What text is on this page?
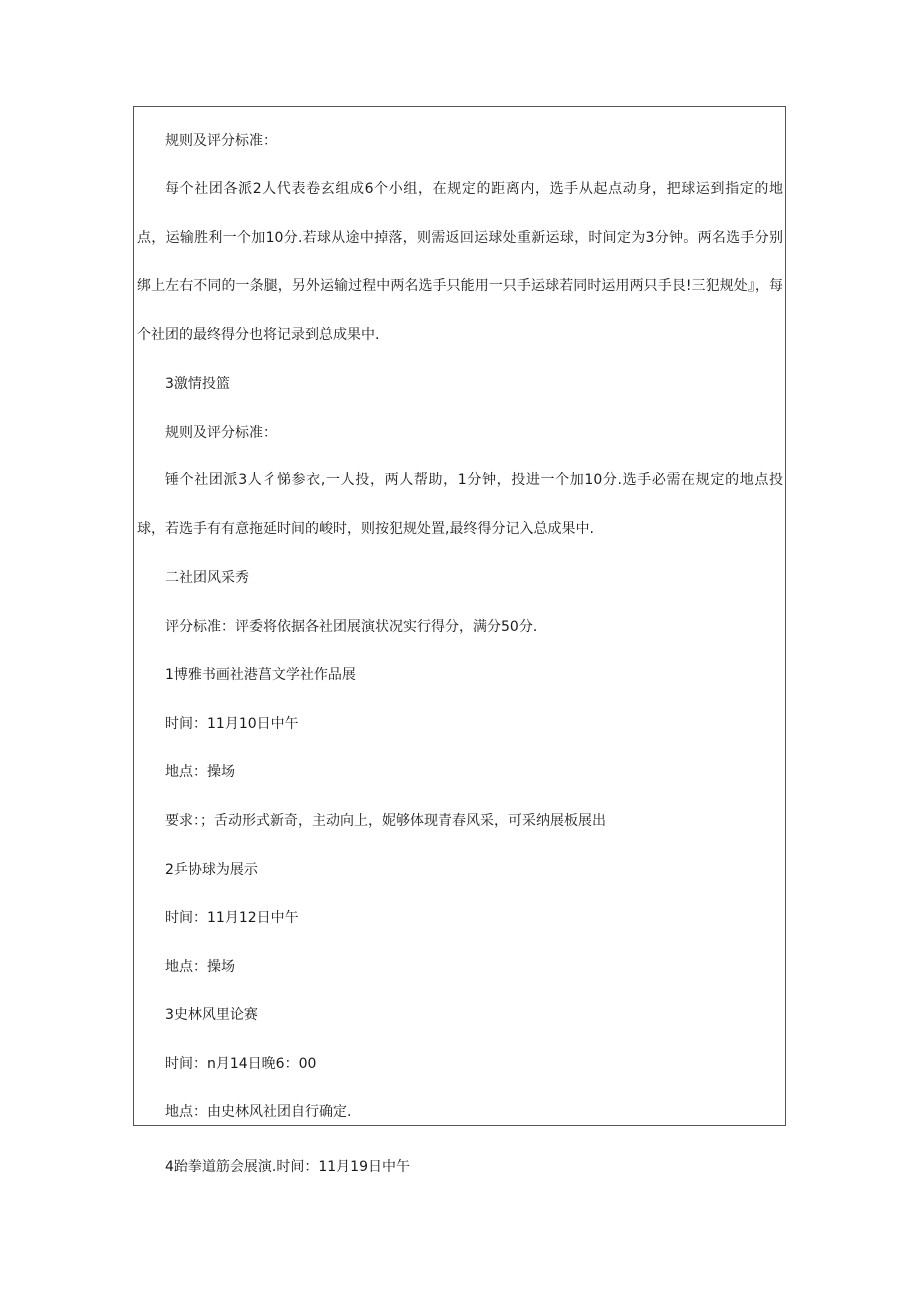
规则及评分标准：

每个社团各派2人代表卷玄组成6个小组，在规定的距离内，选手从起点动身，把球运到指定的地点，运输胜利一个加10分.若球从途中掉落，则需返回运球处重新运球，时间定为3分钟。两名选手分别绑上左右不同的一条腿，另外运输过程中两名选手只能用一只手运球若同时运用两只手艮!三犯规处』，每个社团的最终得分也将记录到总成果中.

3激情投篮
规则及评分标准：

锤个社团派3人彳悌参衣,一人投，两人帮助，1分钟，投进一个加10分.选手必需在规定的地点投球，若选手有有意拖延时间的峻时，则按犯规处置,最终得分记入总成果中.

二社团风采秀
评分标准：评委将依据各社团展演状况实行得分，满分50分.
1博雅书画社港菖文学社作品展
时间：11月10日中午
地点：操场
要求：；舌动形式新奇，主动向上，妮够体现青春风采，可采纳展板展出
2乒协球为展示
时间：11月12日中午
地点：操场
3史林风里论赛
时间：n月14日晚6：00
地点：由史林风社团自行确定.
4跆拳道筋会展演.时间：11月19日中午
